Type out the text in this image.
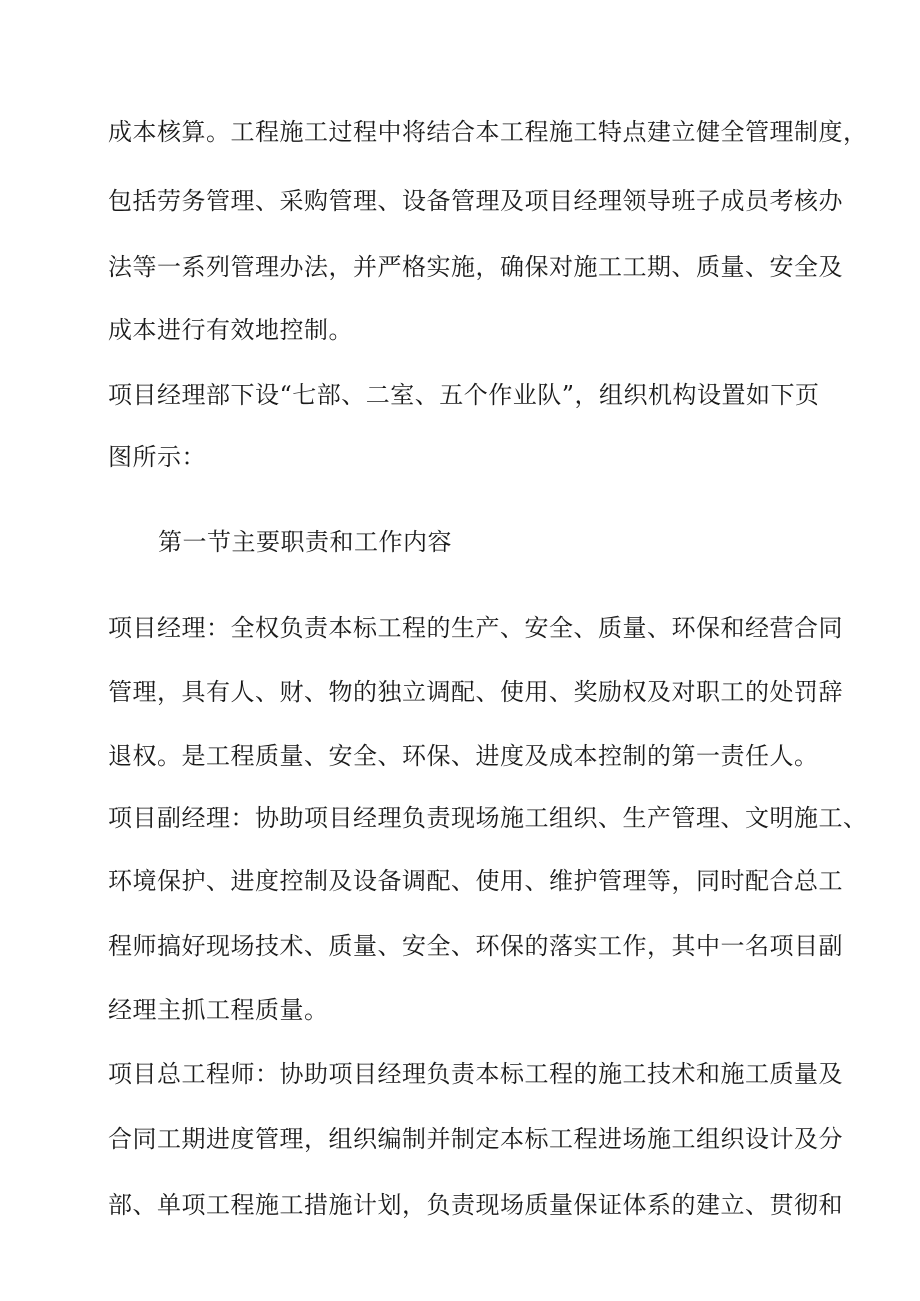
成本核算。工程施工过程中将结合本工程施工特点建立健全管理制度，
包括劳务管理、采购管理、设备管理及项目经理领导班子成员考核办
法等一系列管理办法，并严格实施，确保对施工工期、质量、安全及
成本进行有效地控制。
项目经理部下设“七部、二室、五个作业队”，组织机构设置如下页
图所示：
第一节主要职责和工作内容
项目经理：全权负责本标工程的生产、安全、质量、环保和经营合同
管理，具有人、财、物的独立调配、使用、奖励权及对职工的处罚辞
退权。是工程质量、安全、环保、进度及成本控制的第一责任人。
项目副经理：协助项目经理负责现场施工组织、生产管理、文明施工、
环境保护、进度控制及设备调配、使用、维护管理等，同时配合总工
程师搞好现场技术、质量、安全、环保的落实工作，其中一名项目副
经理主抓工程质量。
项目总工程师：协助项目经理负责本标工程的施工技术和施工质量及
合同工期进度管理，组织编制并制定本标工程进场施工组织设计及分
部、单项工程施工措施计划，负责现场质量保证体系的建立、贯彻和
